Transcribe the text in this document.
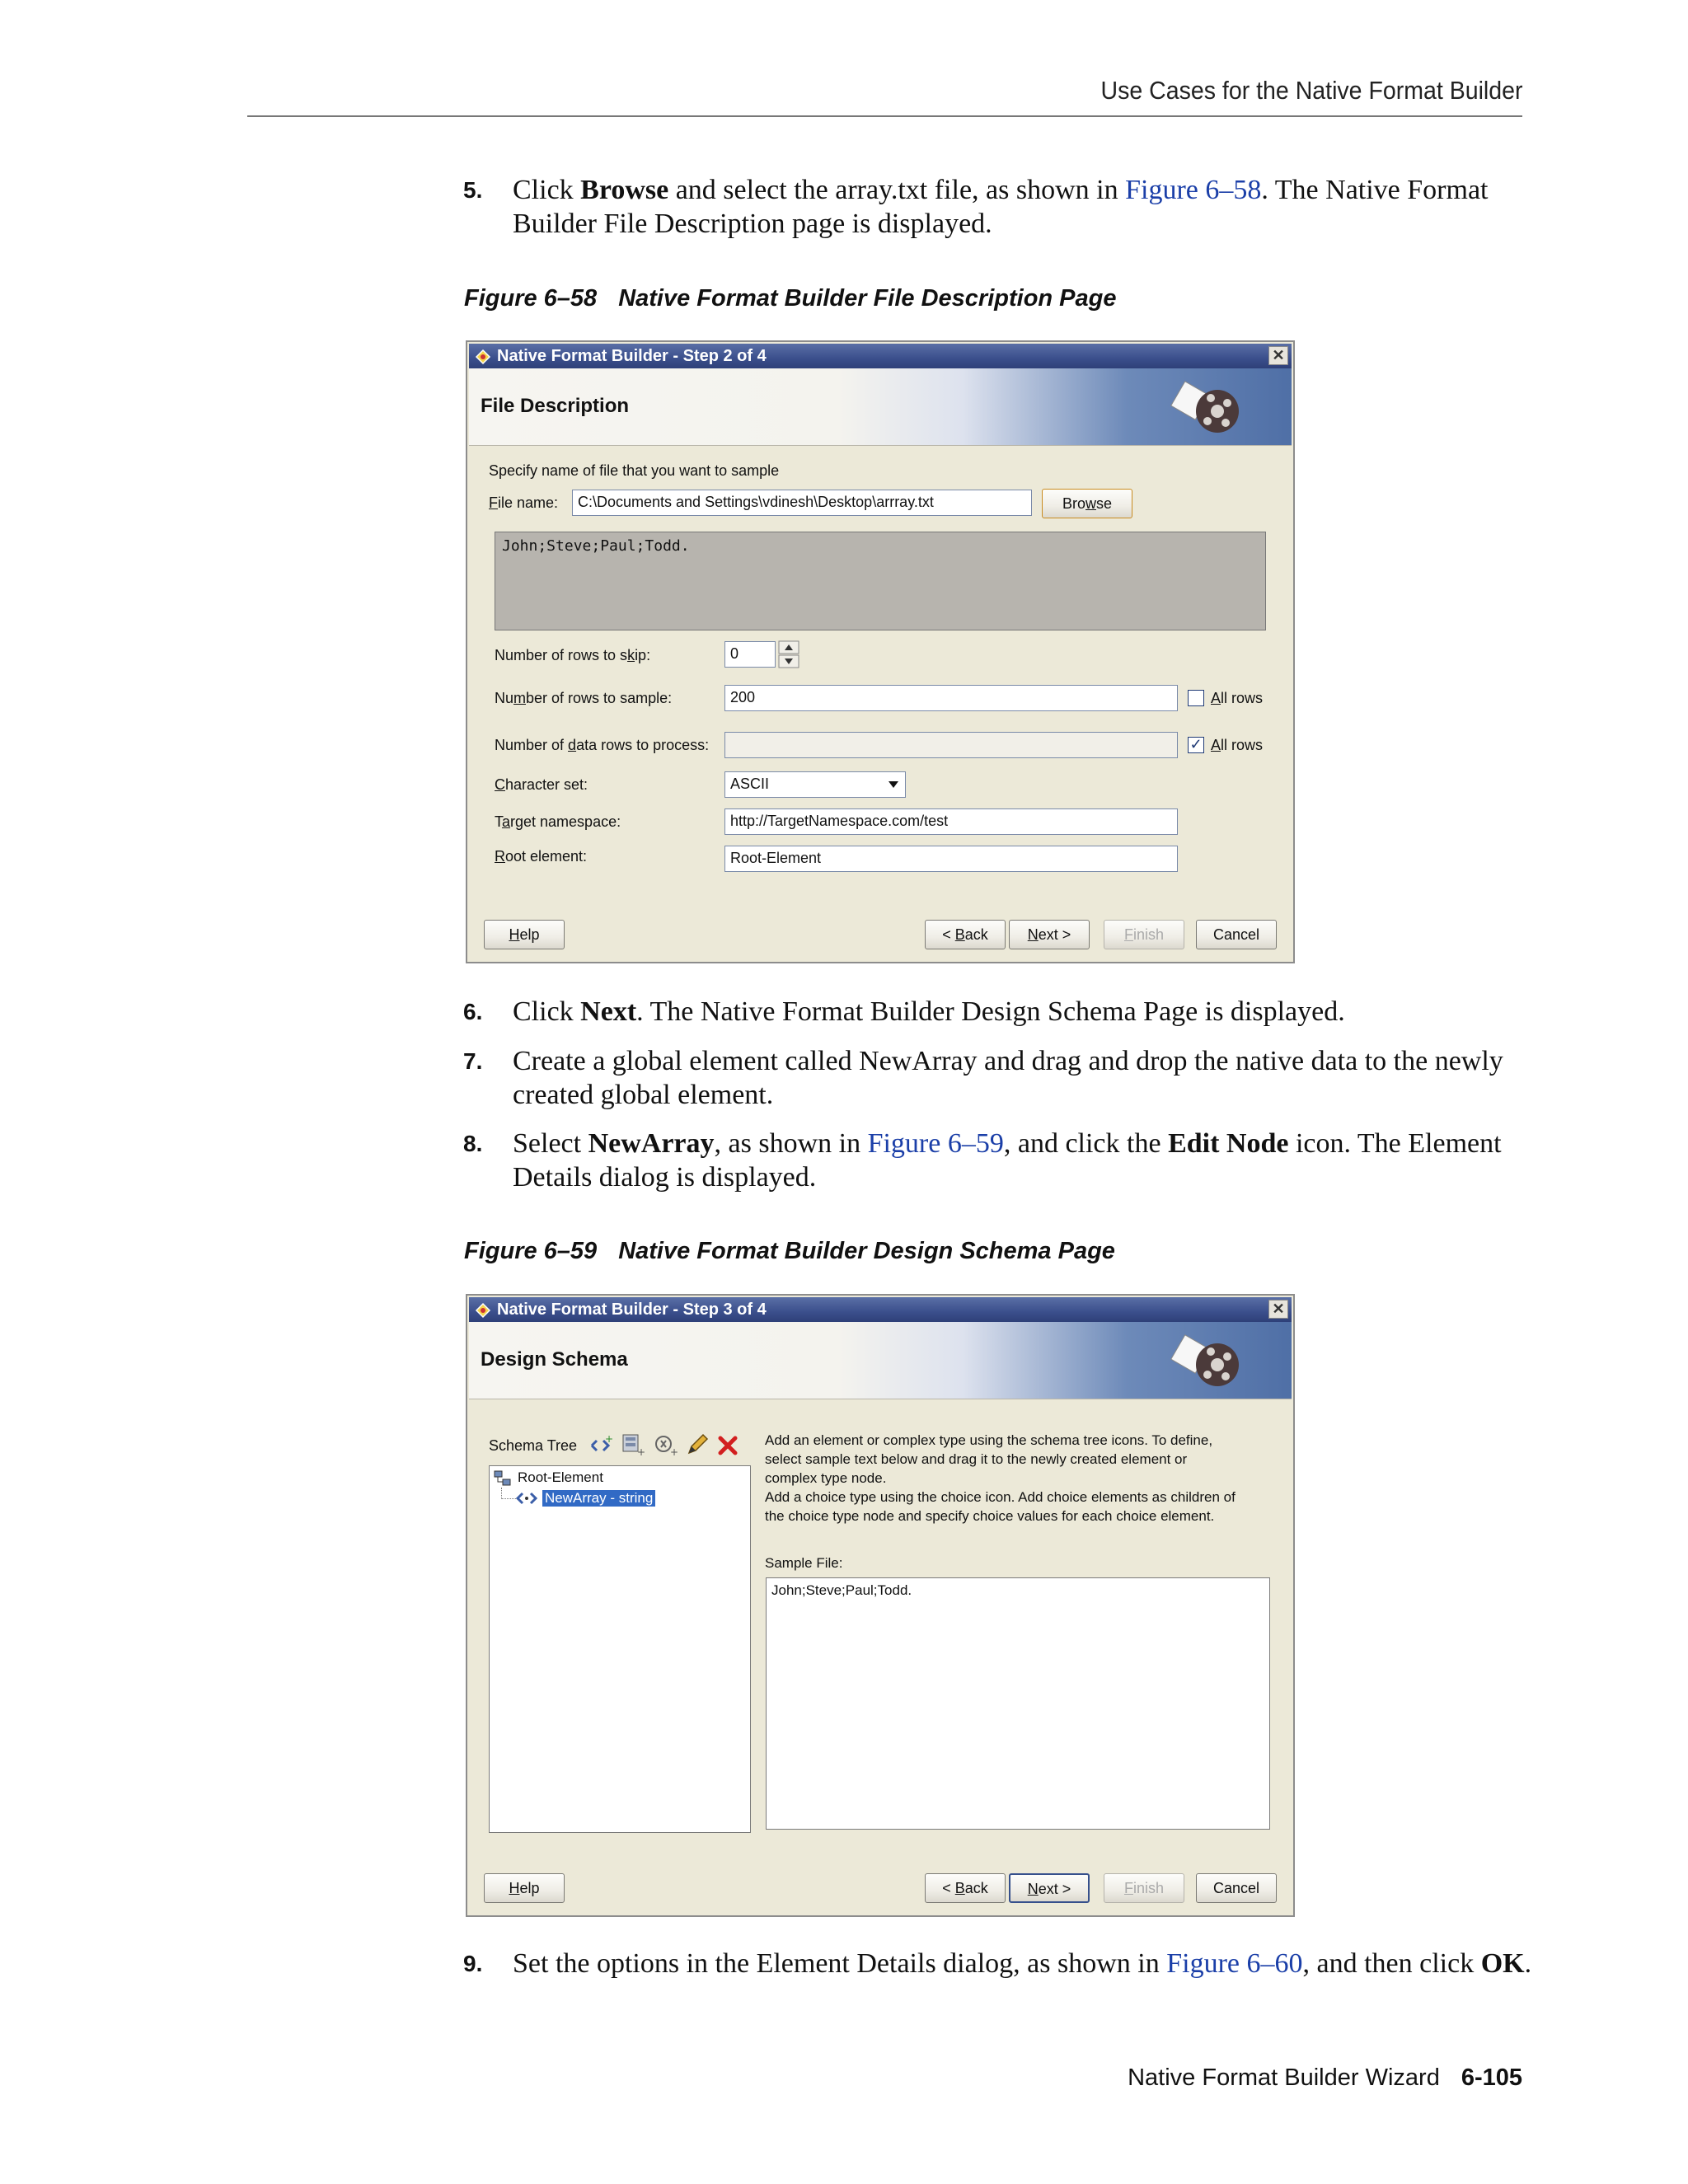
Use Cases for the Native Format Builder
5. Click Browse and select the array.txt file, as shown in Figure 6–58. The Native Format Builder File Description page is displayed.
Figure 6–58 Native Format Builder File Description Page
Native Format Builder - Step 2 of 4	✕
File Description
Specify name of file that you want to sample
File name:	C:\Documents and Settings\vdinesh\Desktop\arrray.txt	Browse
John;Steve;Paul;Todd.
Number of rows to skip:	0
Number of rows to sample:	200	All rows
Number of data rows to process:	✓ All rows
Character set:	ASCII
Target namespace:	http://TargetNamespace.com/test
Root element:	Root-Element
Help	< Back	Next >	Finish	Cancel
6. Click Next. The Native Format Builder Design Schema Page is displayed.
7. Create a global element called NewArray and drag and drop the native data to the newly created global element.
8. Select NewArray, as shown in Figure 6–59, and click the Edit Node icon. The Element Details dialog is displayed.
Figure 6–59 Native Format Builder Design Schema Page
Native Format Builder - Step 3 of 4	✕
Design Schema
Schema Tree	+
+ +
Root-Element
NewArray - string
Add an element or complex type using the schema tree icons. To define,
select sample text below and drag it to the newly created element or
complex type node.
Add a choice type using the choice icon. Add choice elements as children of
the choice type node and specify choice values for each choice element.
Sample File:
John;Steve;Paul;Todd.
Help	< Back	Next >	Finish	Cancel
9. Set the options in the Element Details dialog, as shown in Figure 6–60, and then click OK.
Native Format Builder Wizard 6-105
